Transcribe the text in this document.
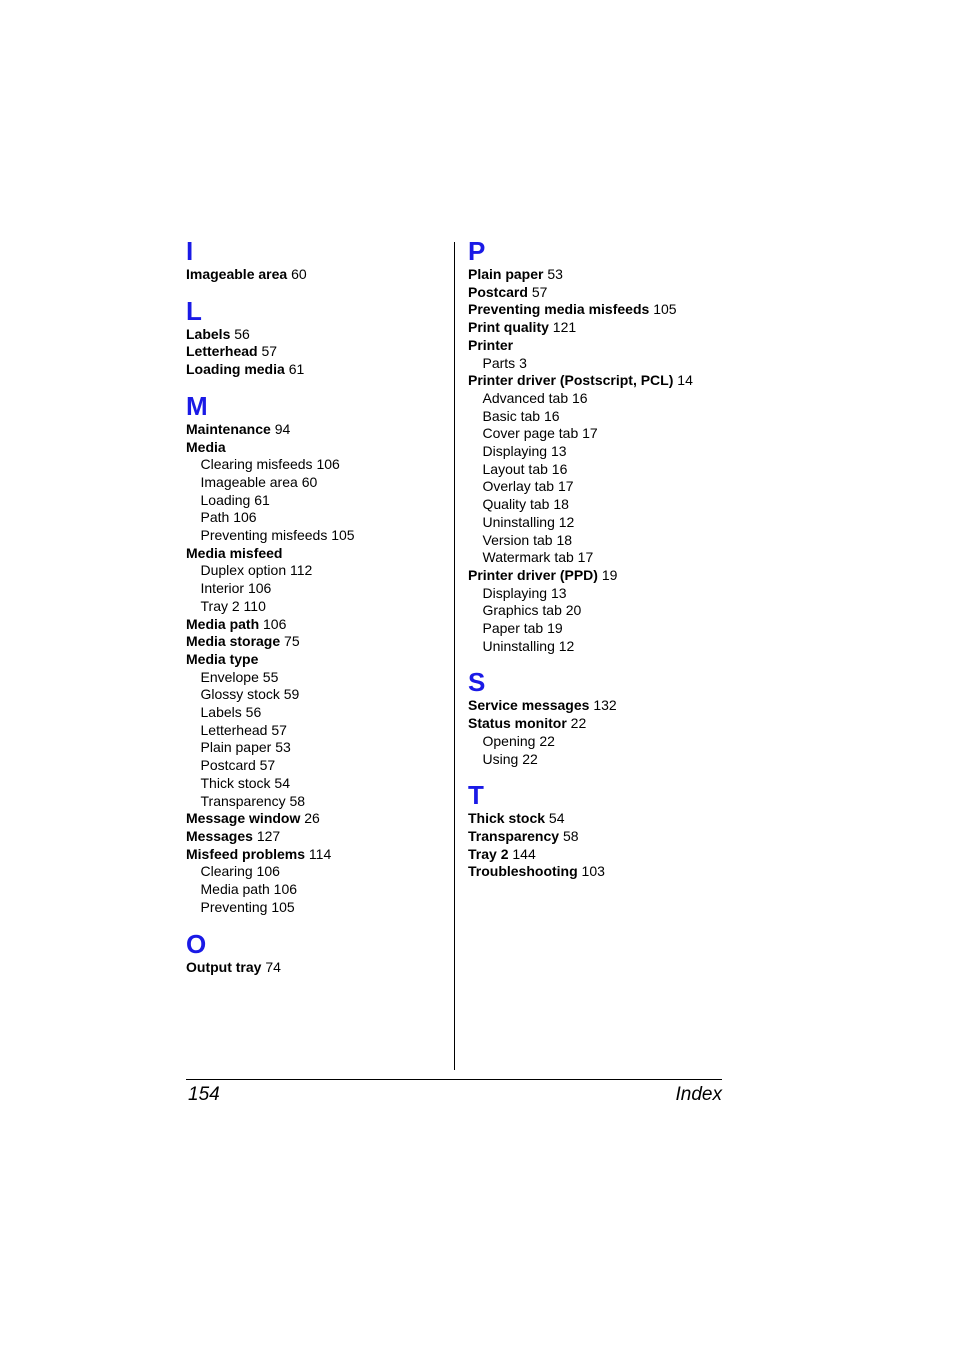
I
Imageable area 60
L
Labels 56
Letterhead 57
Loading media 61
M
Maintenance 94
Media
Clearing misfeeds 106
Imageable area 60
Loading 61
Path 106
Preventing misfeeds 105
Media misfeed
Duplex option 112
Interior 106
Tray 2 110
Media path 106
Media storage 75
Media type
Envelope 55
Glossy stock 59
Labels 56
Letterhead 57
Plain paper 53
Postcard 57
Thick stock 54
Transparency 58
Message window 26
Messages 127
Misfeed problems 114
Clearing 106
Media path 106
Preventing 105
O
Output tray 74
P
Plain paper 53
Postcard 57
Preventing media misfeeds 105
Print quality 121
Printer
Parts 3
Printer driver (Postscript, PCL) 14
Advanced tab 16
Basic tab 16
Cover page tab 17
Displaying 13
Layout tab 16
Overlay tab 17
Quality tab 18
Uninstalling 12
Version tab 18
Watermark tab 17
Printer driver (PPD) 19
Displaying 13
Graphics tab 20
Paper tab 19
Uninstalling 12
S
Service messages 132
Status monitor 22
Opening 22
Using 22
T
Thick stock 54
Transparency 58
Tray 2 144
Troubleshooting 103
154	Index
